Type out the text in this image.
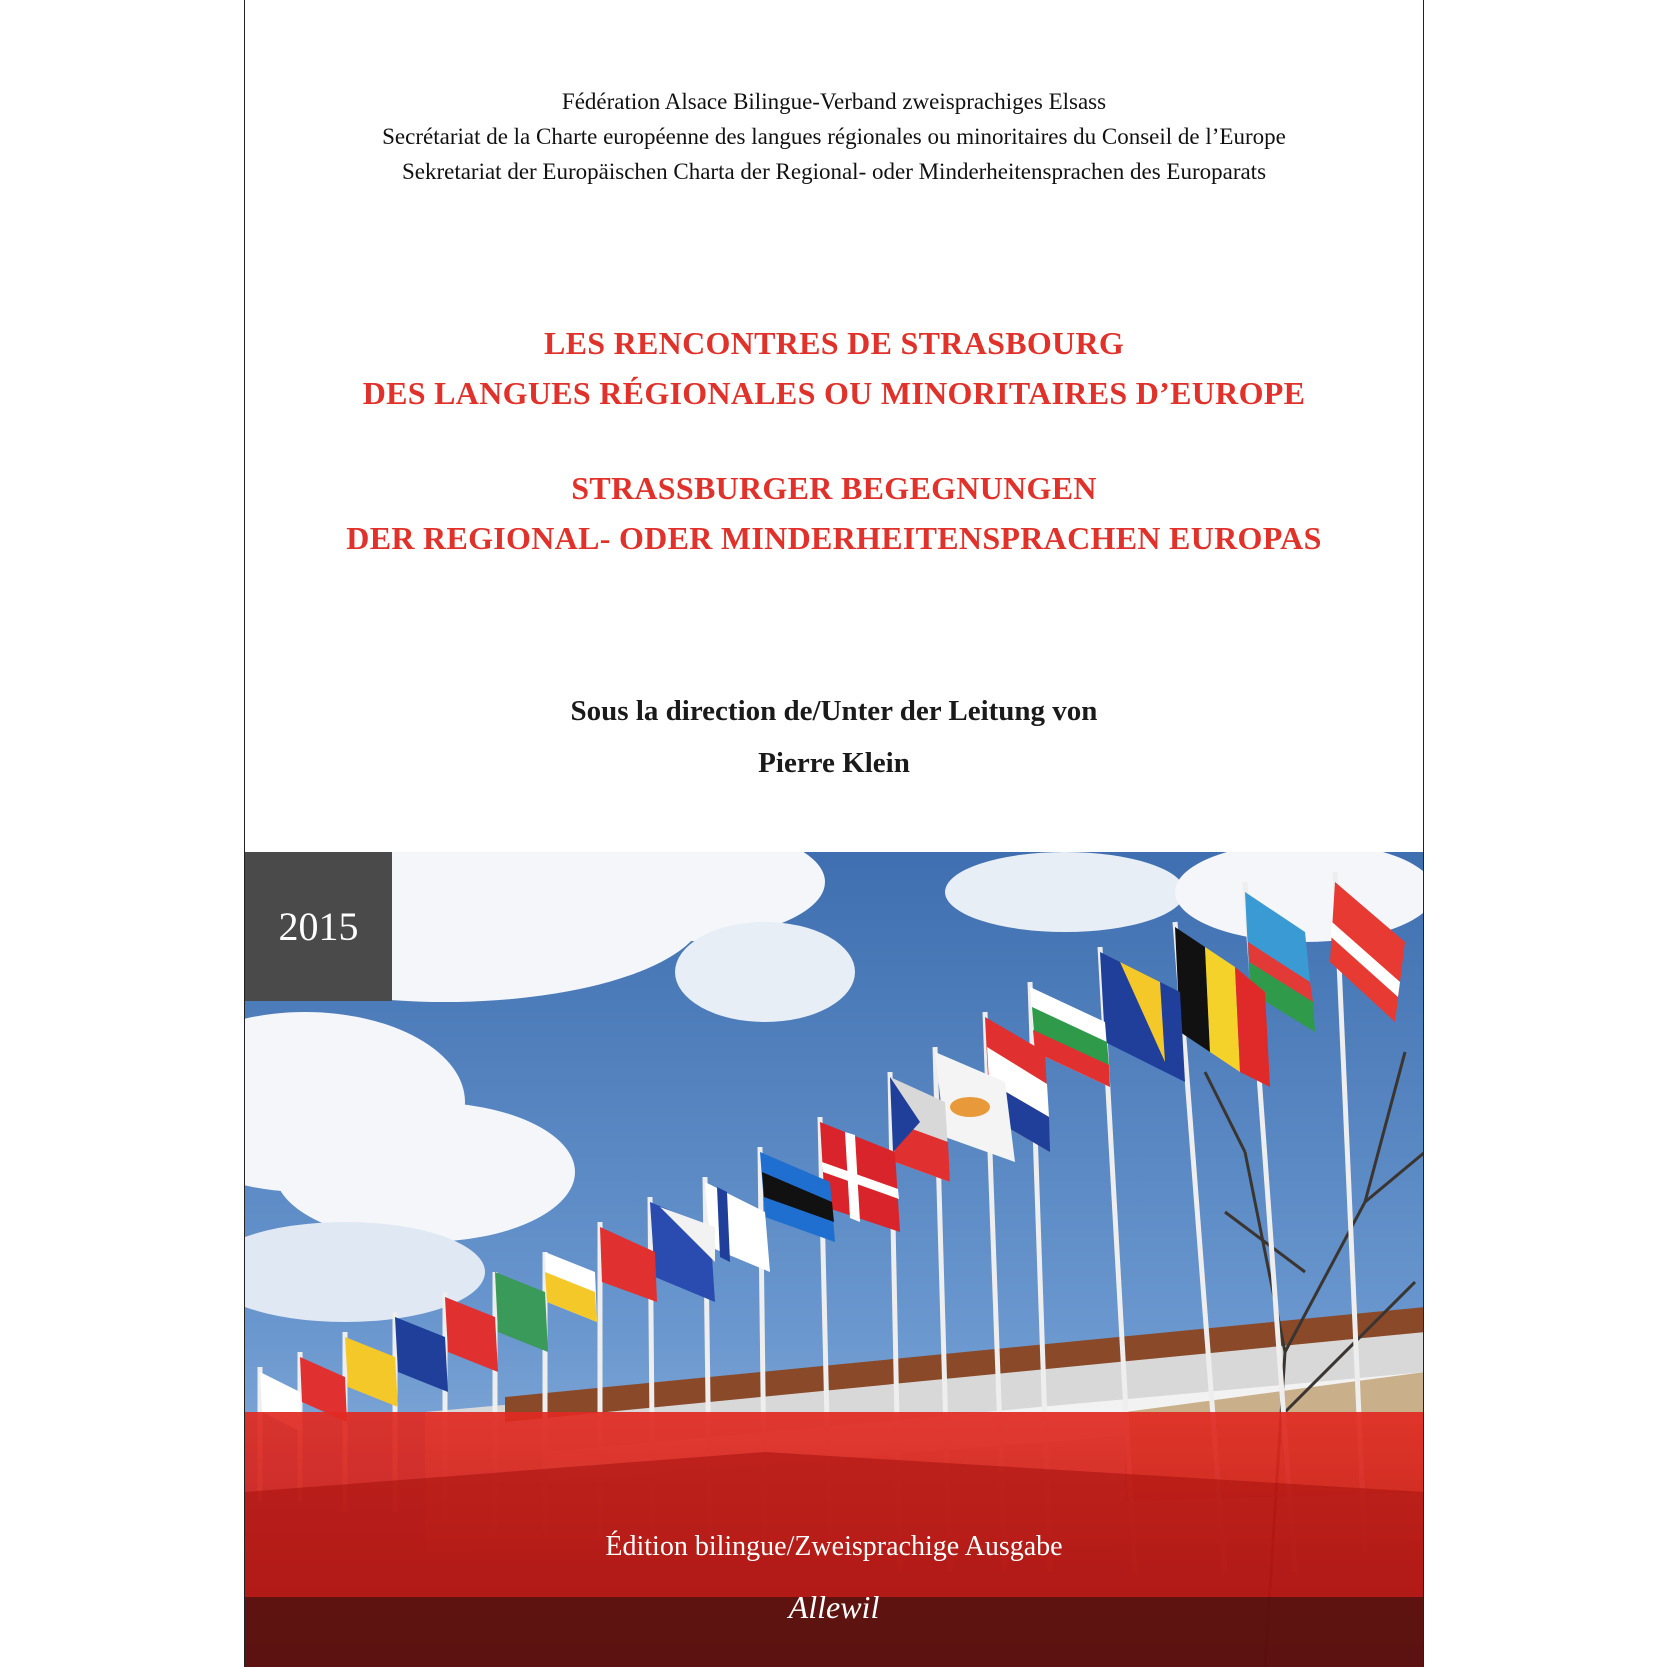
Fédération Alsace Bilingue-Verband zweisprachiges Elsass
Secrétariat de la Charte européenne des langues régionales ou minoritaires du Conseil de l’Europe
Sekretariat der Europäischen Charta der Regional- oder Minderheitensprachen des Europarats
LES RENCONTRES DE STRASBOURG
DES LANGUES RÉGIONALES OU MINORITAIRES D’EUROPE
STRASSBURGER BEGEGNUNGEN
DER REGIONAL- ODER MINDERHEITENSPRACHEN EUROPAS
Sous la direction de/Unter der Leitung von
Pierre Klein
2015
Édition bilingue/Zweisprachige Ausgabe
Allewil
